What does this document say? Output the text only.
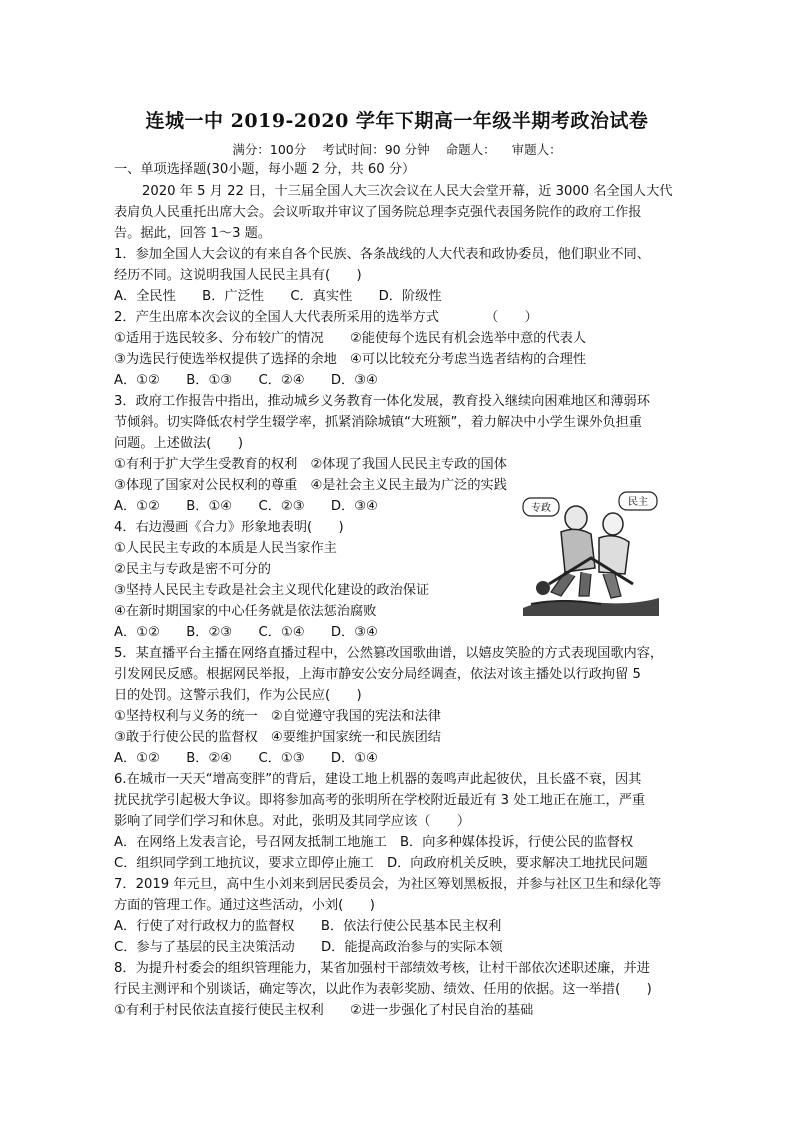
连城一中 2019-2020 学年下期高一年级半期考政治试卷
满分：100分 考试时间：90 分钟 命题人： 审题人：
一、单项选择题(30小题，每小题 2 分，共 60 分）
2020 年 5 月 22 日，十三届全国人大三次会议在人民大会堂开幕，近 3000 名全国人大代
表肩负人民重托出席大会。会议听取并审议了国务院总理李克强代表国务院作的政府工作报
告。据此，回答 1～3 题。
1．参加全国人大会议的有来自各个民族、各条战线的人大代表和政协委员，他们职业不同、
经历不同。这说明我国人民民主具有(　　)
A．全民性　　B．广泛性　　C．真实性　　D．阶级性
2．产生出席本次会议的全国人大代表所采用的选举方式　　　　（　　）
①适用于选民较多、分布较广的情况　　②能使每个选民有机会选举中意的代表人
③为选民行使选举权提供了选择的余地　④可以比较充分考虑当选者结构的合理性
A．①②　　B．①③　　C．②④　　D．③④
3．政府工作报告中指出，推动城乡义务教育一体化发展，教育投入继续向困难地区和薄弱环
节倾斜。切实降低农村学生辍学率，抓紧消除城镇“大班额”，着力解决中小学生课外负担重
问题。上述做法(　　)
①有利于扩大学生受教育的权利　②体现了我国人民民主专政的国体
③体现了国家对公民权利的尊重　④是社会主义民主最为广泛的实践
A．①②　　B．①④　　C．②③　　D．③④
4．右边漫画《合力》形象地表明(　　)
①人民民主专政的本质是人民当家作主
②民主与专政是密不可分的
③坚持人民民主专政是社会主义现代化建设的政治保证
④在新时期国家的中心任务就是依法惩治腐败
A．①②　　B．②③　　C．①④　　D．③④
5．某直播平台主播在网络直播过程中，公然篡改国歌曲谱，以嬉皮笑脸的方式表现国歌内容，
引发网民反感。根据网民举报，上海市静安公安分局经调查，依法对该主播处以行政拘留 5
日的处罚。这警示我们，作为公民应(　　)
①坚持权利与义务的统一　②自觉遵守我国的宪法和法律
③敢于行使公民的监督权　④要维护国家统一和民族团结
A．①②　　B．②④　　C．①③　　D．①④
6.在城市一天天“增高变胖”的背后，建设工地上机器的轰鸣声此起彼伏，且长盛不衰，因其
扰民扰学引起极大争议。即将参加高考的张明所在学校附近最近有 3 处工地正在施工，严重
影响了同学们学习和休息。对此，张明及其同学应该（　　）
A．在网络上发表言论，号召网友抵制工地施工　B．向多种媒体投诉，行使公民的监督权
C．组织同学到工地抗议，要求立即停止施工　D．向政府机关反映，要求解决工地扰民问题
7．2019 年元旦，高中生小刘来到居民委员会，为社区筹划黑板报，并参与社区卫生和绿化等
方面的管理工作。通过这些活动，小刘(　　)
A．行使了对行政权力的监督权　　B．依法行使公民基本民主权利
C．参与了基层的民主决策活动　　D．能提高政治参与的实际本领
8．为提升村委会的组织管理能力，某省加强村干部绩效考核，让村干部依次述职述廉，并进
行民主测评和个别谈话，确定等次，以此作为表彰奖励、绩效、任用的依据。这一举措(　　)
①有利于村民依法直接行使民主权利　　②进一步强化了村民自治的基础
专政
民主
